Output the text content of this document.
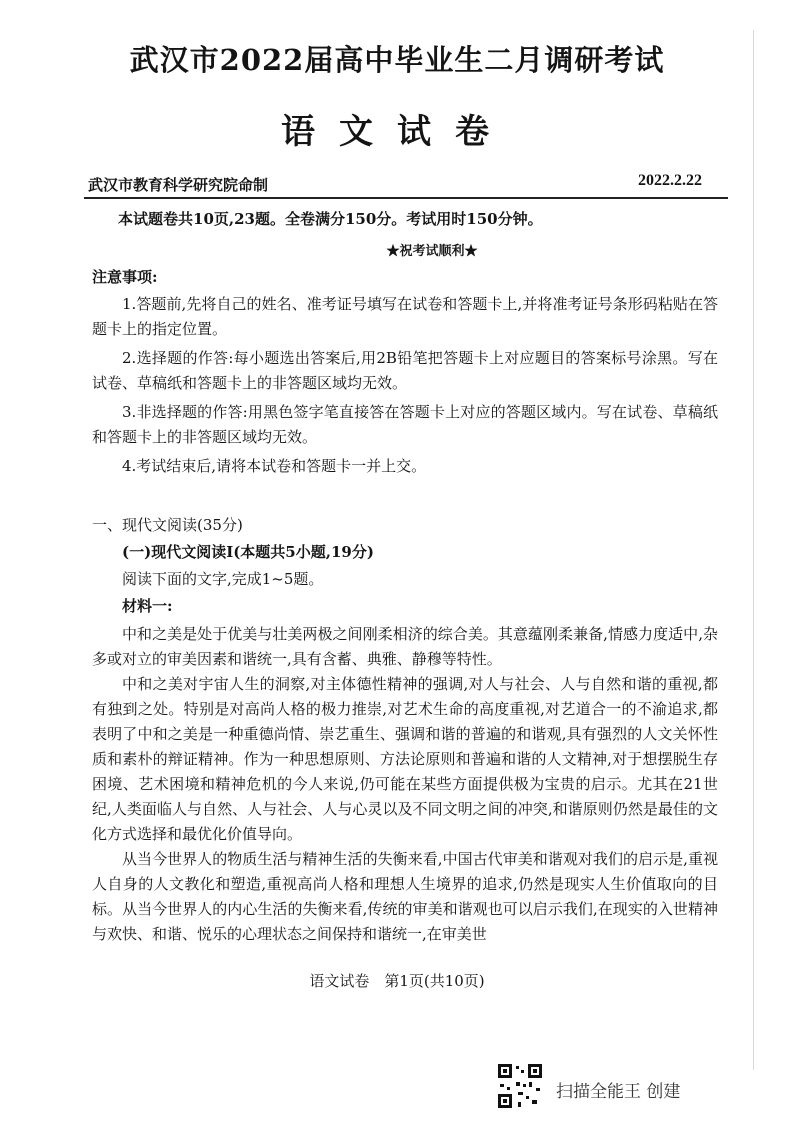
武汉市2022届高中毕业生二月调研考试
语文试卷
武汉市教育科学研究院命制	2022.2.22
本试题卷共10页,23题。全卷满分150分。考试用时150分钟。
★祝考试顺利★
注意事项:

1.答题前,先将自己的姓名、准考证号填写在试卷和答题卡上,并将准考证号条形码粘贴在答题卡上的指定位置。

2.选择题的作答:每小题选出答案后,用2B铅笔把答题卡上对应题目的答案标号涂黑。写在试卷、草稿纸和答题卡上的非答题区域均无效。

3.非选择题的作答:用黑色签字笔直接答在答题卡上对应的答题区域内。写在试卷、草稿纸和答题卡上的非答题区域均无效。

4.考试结束后,请将本试卷和答题卡一并上交。

一、现代文阅读(35分)
(一)现代文阅读Ⅰ(本题共5小题,19分)
阅读下面的文字,完成1~5题。
材料一:

中和之美是处于优美与壮美两极之间刚柔相济的综合美。其意蕴刚柔兼备,情感力度适中,杂多或对立的审美因素和谐统一,具有含蓄、典雅、静穆等特性。

中和之美对宇宙人生的洞察,对主体德性精神的强调,对人与社会、人与自然和谐的重视,都有独到之处。特别是对高尚人格的极力推崇,对艺术生命的高度重视,对艺道合一的不渝追求,都表明了中和之美是一种重德尚情、崇艺重生、强调和谐的普遍的和谐观,具有强烈的人文关怀性质和素朴的辩证精神。作为一种思想原则、方法论原则和普遍和谐的人文精神,对于想摆脱生存困境、艺术困境和精神危机的今人来说,仍可能在某些方面提供极为宝贵的启示。尤其在21世纪,人类面临人与自然、人与社会、人与心灵以及不同文明之间的冲突,和谐原则仍然是最佳的文化方式选择和最优化价值导向。

从当今世界人的物质生活与精神生活的失衡来看,中国古代审美和谐观对我们的启示是,重视人自身的人文教化和塑造,重视高尚人格和理想人生境界的追求,仍然是现实人生价值取向的目标。从当今世界人的内心生活的失衡来看,传统的审美和谐观也可以启示我们,在现实的入世精神与欢快、和谐、悦乐的心理状态之间保持和谐统一,在审美世

语文试卷　第1页(共10页)
扫描全能王 创建
